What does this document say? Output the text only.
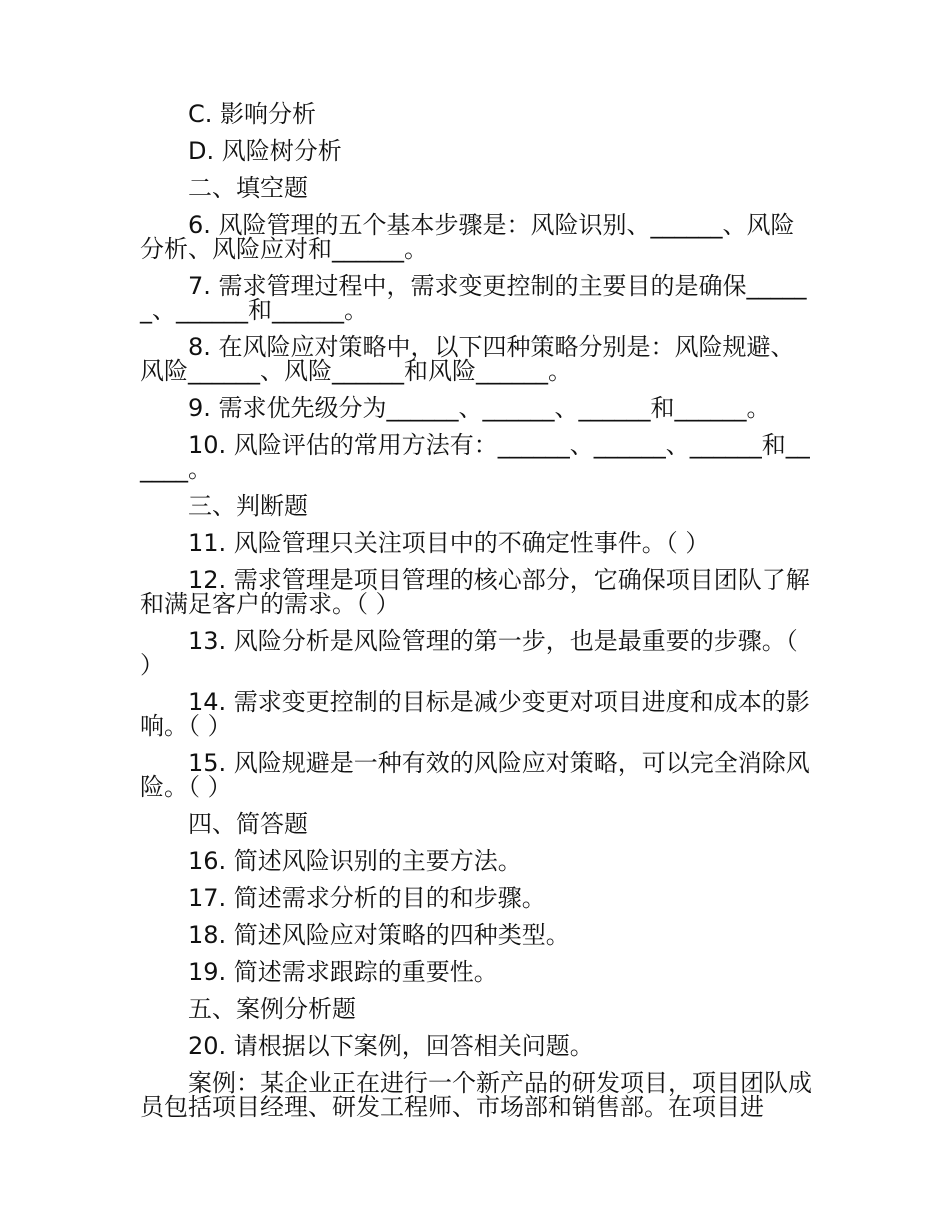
C. 影响分析

D. 风险树分析

二、填空题

6. 风险管理的五个基本步骤是：风险识别、______、风险分析、风险应对和______。

7. 需求管理过程中，需求变更控制的主要目的是确保______、______和______。

8. 在风险应对策略中，以下四种策略分别是：风险规避、风险______、风险______和风险______。

9. 需求优先级分为______、______、______和______。

10. 风险评估的常用方法有：______、______、______和______。

三、判断题

11. 风险管理只关注项目中的不确定性事件。（ ）

12. 需求管理是项目管理的核心部分，它确保项目团队了解和满足客户的需求。（ ）

13. 风险分析是风险管理的第一步，也是最重要的步骤。（ ）

14. 需求变更控制的目标是减少变更对项目进度和成本的影响。（ ）

15. 风险规避是一种有效的风险应对策略，可以完全消除风险。（ ）

四、简答题

16. 简述风险识别的主要方法。

17. 简述需求分析的目的和步骤。

18. 简述风险应对策略的四种类型。

19. 简述需求跟踪的重要性。

五、案例分析题

20. 请根据以下案例，回答相关问题。

案例：某企业正在进行一个新产品的研发项目，项目团队成员包括项目经理、研发工程师、市场部和销售部。在项目进
